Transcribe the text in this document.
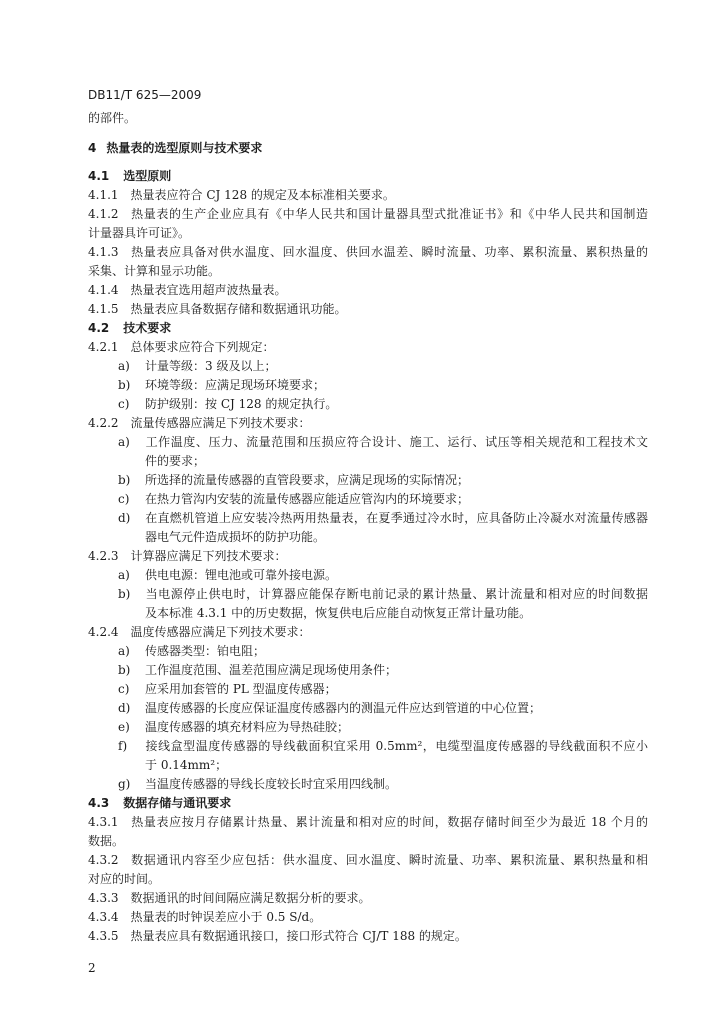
DB11/T 625—2009
的部件。
4 热量表的选型原则与技术要求
4.1 选型原则
4.1.1 热量表应符合 CJ 128 的规定及本标准相关要求。
4.1.2 热量表的生产企业应具有《中华人民共和国计量器具型式批准证书》和《中华人民共和国制造
计量器具许可证》。
4.1.3 热量表应具备对供水温度、回水温度、供回水温差、瞬时流量、功率、累积流量、累积热量的
采集、计算和显示功能。
4.1.4 热量表宜选用超声波热量表。
4.1.5 热量表应具备数据存储和数据通讯功能。
4.2 技术要求
4.2.1 总体要求应符合下列规定：
a) 计量等级：3 级及以上；
b) 环境等级：应满足现场环境要求；
c) 防护级别：按 CJ 128 的规定执行。
4.2.2 流量传感器应满足下列技术要求：
a) 工作温度、压力、流量范围和压损应符合设计、施工、运行、试压等相关规范和工程技术文
件的要求；
b) 所选择的流量传感器的直管段要求，应满足现场的实际情况；
c) 在热力管沟内安装的流量传感器应能适应管沟内的环境要求；
d) 在直燃机管道上应安装冷热两用热量表，在夏季通过冷水时，应具备防止冷凝水对流量传感器
器电气元件造成损坏的防护功能。
4.2.3 计算器应满足下列技术要求：
a) 供电电源：锂电池或可靠外接电源。
b) 当电源停止供电时，计算器应能保存断电前记录的累计热量、累计流量和相对应的时间数据
及本标准 4.3.1 中的历史数据，恢复供电后应能自动恢复正常计量功能。
4.2.4 温度传感器应满足下列技术要求：
a) 传感器类型：铂电阻；
b) 工作温度范围、温差范围应满足现场使用条件；
c) 应采用加套管的 PL 型温度传感器；
d) 温度传感器的长度应保证温度传感器内的测温元件应达到管道的中心位置；
e) 温度传感器的填充材料应为导热硅胶；
f) 接线盒型温度传感器的导线截面积宜采用 0.5mm²，电缆型温度传感器的导线截面积不应小
于 0.14mm²；
g) 当温度传感器的导线长度较长时宜采用四线制。
4.3 数据存储与通讯要求
4.3.1 热量表应按月存储累计热量、累计流量和相对应的时间，数据存储时间至少为最近 18 个月的
数据。
4.3.2 数据通讯内容至少应包括：供水温度、回水温度、瞬时流量、功率、累积流量、累积热量和相
对应的时间。
4.3.3 数据通讯的时间间隔应满足数据分析的要求。
4.3.4 热量表的时钟误差应小于 0.5 S/d。
4.3.5 热量表应具有数据通讯接口，接口形式符合 CJ/T 188 的规定。
2
